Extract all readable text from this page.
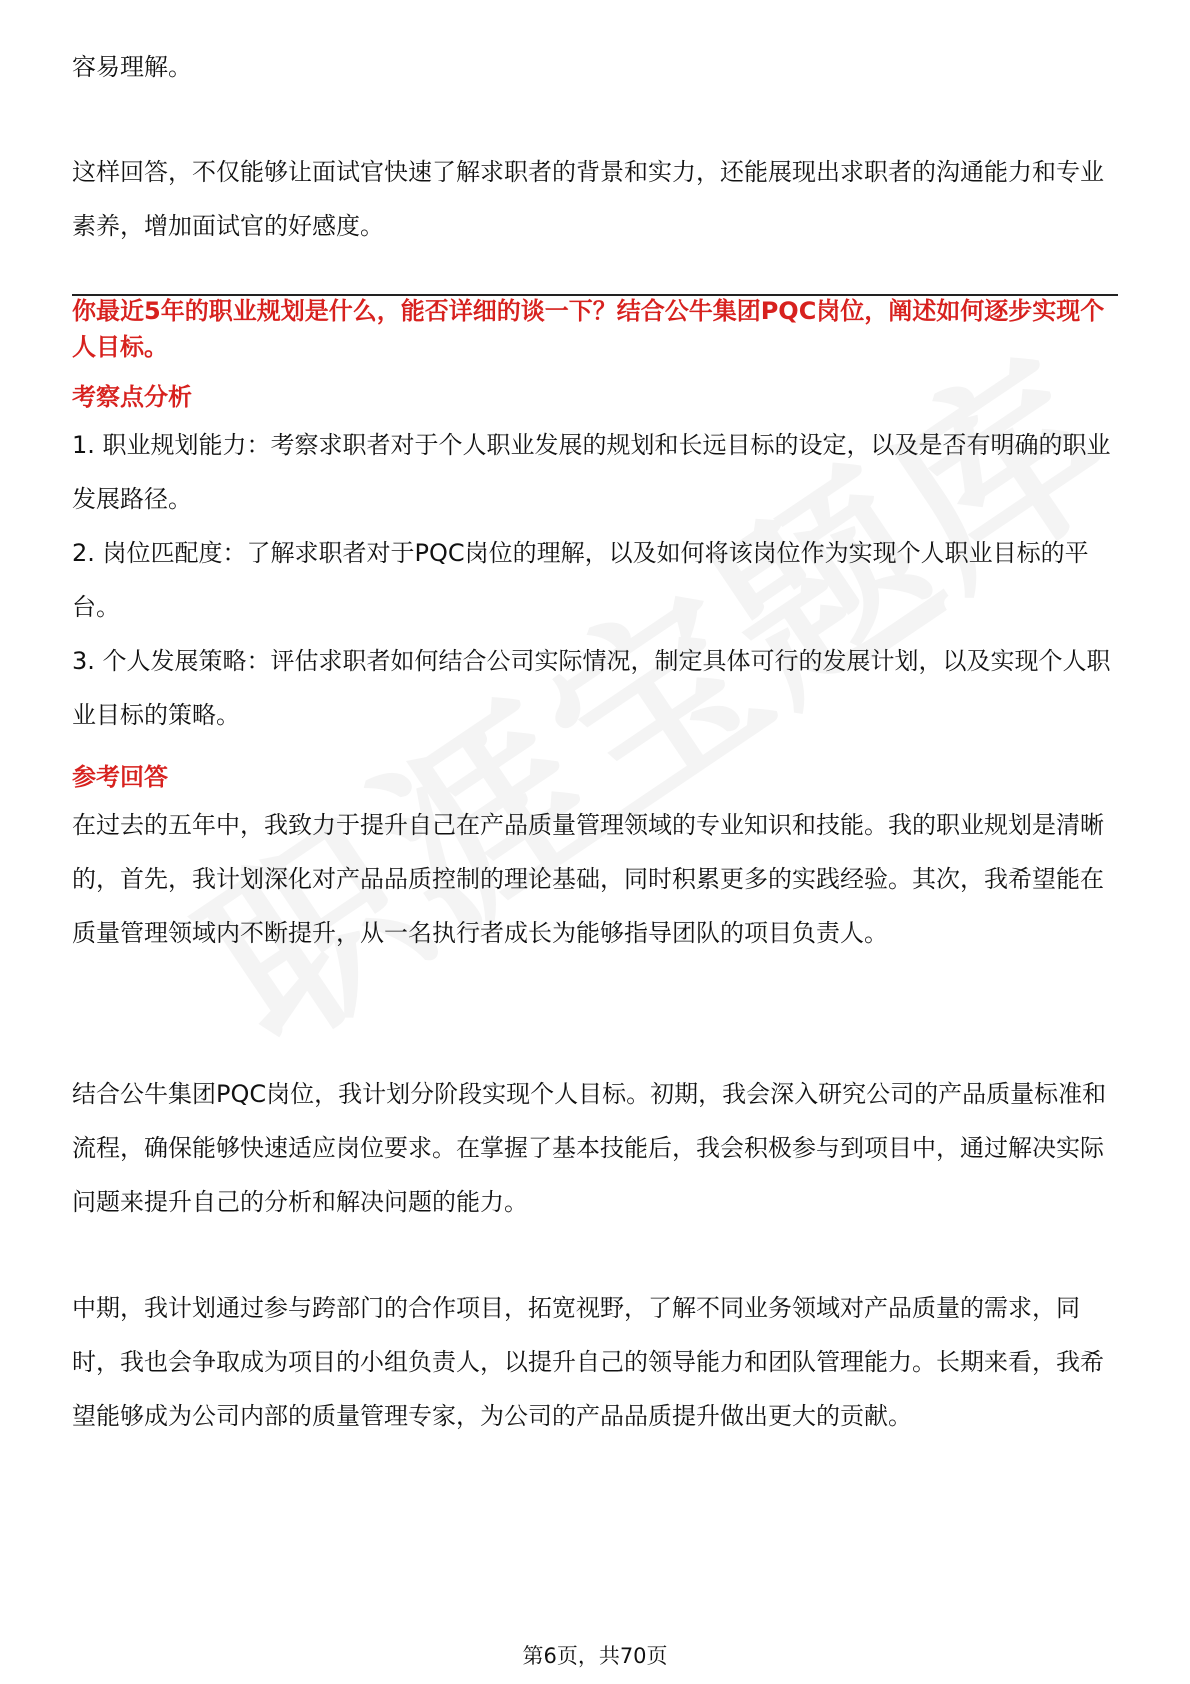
容易理解。

这样回答，不仅能够让面试官快速了解求职者的背景和实力，还能展现出求职者的沟通能力和专业素养，增加面试官的好感度。

你最近5年的职业规划是什么，能否详细的谈一下？结合公牛集团PQC岗位，阐述如何逐步实现个人目标。

考察点分析

1. 职业规划能力：考察求职者对于个人职业发展的规划和长远目标的设定，以及是否有明确的职业发展路径。

2. 岗位匹配度：了解求职者对于PQC岗位的理解，以及如何将该岗位作为实现个人职业目标的平台。

3. 个人发展策略：评估求职者如何结合公司实际情况，制定具体可行的发展计划，以及实现个人职业目标的策略。

参考回答

在过去的五年中，我致力于提升自己在产品质量管理领域的专业知识和技能。我的职业规划是清晰的，首先，我计划深化对产品品质控制的理论基础，同时积累更多的实践经验。其次，我希望能在质量管理领域内不断提升，从一名执行者成长为能够指导团队的项目负责人。

结合公牛集团PQC岗位，我计划分阶段实现个人目标。初期，我会深入研究公司的产品质量标准和流程，确保能够快速适应岗位要求。在掌握了基本技能后，我会积极参与到项目中，通过解决实际问题来提升自己的分析和解决问题的能力。

中期，我计划通过参与跨部门的合作项目，拓宽视野，了解不同业务领域对产品质量的需求，同时，我也会争取成为项目的小组负责人，以提升自己的领导能力和团队管理能力。长期来看，我希望能够成为公司内部的质量管理专家，为公司的产品品质提升做出更大的贡献。

第6页，共70页
